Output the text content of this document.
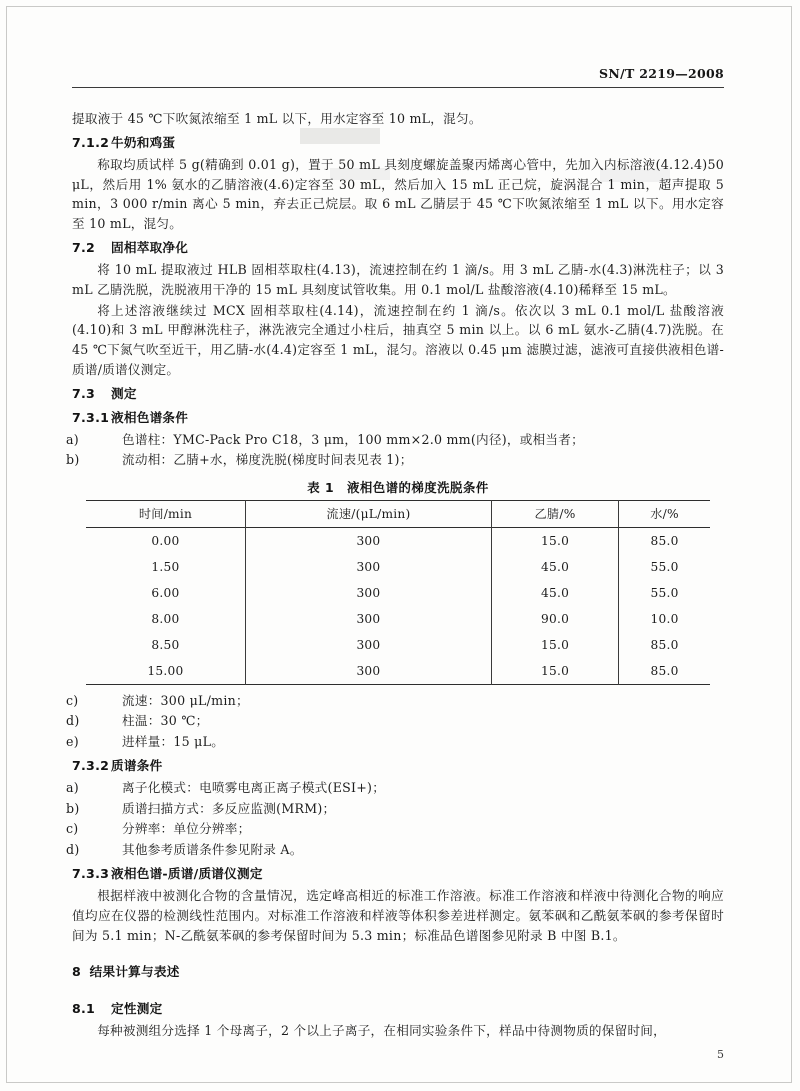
SN/T 2219—2008

提取液于 45 ℃下吹氮浓缩至 1 mL 以下，用水定容至 10 mL，混匀。

7.1.2 牛奶和鸡蛋

称取均质试样 5 g(精确到 0.01 g)，置于 50 mL 具刻度螺旋盖聚丙烯离心管中，先加入内标溶液(4.12.4)50 μL，然后用 1% 氨水的乙腈溶液(4.6)定容至 30 mL，然后加入 15 mL 正己烷，旋涡混合 1 min，超声提取 5 min，3 000 r/min 离心 5 min，弃去正己烷层。取 6 mL 乙腈层于 45 ℃下吹氮浓缩至 1 mL 以下。用水定容至 10 mL，混匀。

7.2 固相萃取净化

将 10 mL 提取液过 HLB 固相萃取柱(4.13)，流速控制在约 1 滴/s。用 3 mL 乙腈-水(4.3)淋洗柱子；以 3 mL 乙腈洗脱，洗脱液用干净的 15 mL 具刻度试管收集。用 0.1 mol/L 盐酸溶液(4.10)稀释至 15 mL。

将上述溶液继续过 MCX 固相萃取柱(4.14)，流速控制在约 1 滴/s。依次以 3 mL 0.1 mol/L 盐酸溶液(4.10)和 3 mL 甲醇淋洗柱子，淋洗液完全通过小柱后，抽真空 5 min 以上。以 6 mL 氨水-乙腈(4.7)洗脱。在 45 ℃下氮气吹至近干，用乙腈-水(4.4)定容至 1 mL，混匀。溶液以 0.45 μm 滤膜过滤，滤液可直接供液相色谱-质谱/质谱仪测定。

7.3 测定
7.3.1 液相色谱条件

a)	色谱柱：YMC-Pack Pro C18，3 μm，100 mm×2.0 mm(内径)，或相当者；

b)	流动相：乙腈+水，梯度洗脱(梯度时间表见表 1)；

表 1　液相色谱的梯度洗脱条件
时间/min	流速/(μL/min)	乙腈/%	水/%
0.00	300	15.0	85.0
1.50	300	45.0	55.0
6.00	300	45.0	55.0
8.00	300	90.0	10.0
8.50	300	15.0	85.0
15.00	300	15.0	85.0

c)	流速：300 μL/min；

d)	柱温：30 ℃；

e)	进样量：15 μL。

7.3.2 质谱条件

a)	离子化模式：电喷雾电离正离子模式(ESI+)；

b)	质谱扫描方式：多反应监测(MRM)；

c)	分辨率：单位分辨率；

d)	其他参考质谱条件参见附录 A。

7.3.3 液相色谱-质谱/质谱仪测定

根据样液中被测化合物的含量情况，选定峰高相近的标准工作溶液。标准工作溶液和样液中待测化合物的响应值均应在仪器的检测线性范围内。对标准工作溶液和样液等体积参差进样测定。氨苯砜和乙酰氨苯砜的参考保留时间为 5.1 min；N-乙酰氨苯砜的参考保留时间为 5.3 min；标准品色谱图参见附录 B 中图 B.1。

8 结果计算与表述
8.1 定性测定

每种被测组分选择 1 个母离子，2 个以上子离子，在相同实验条件下，样品中待测物质的保留时间，

5
